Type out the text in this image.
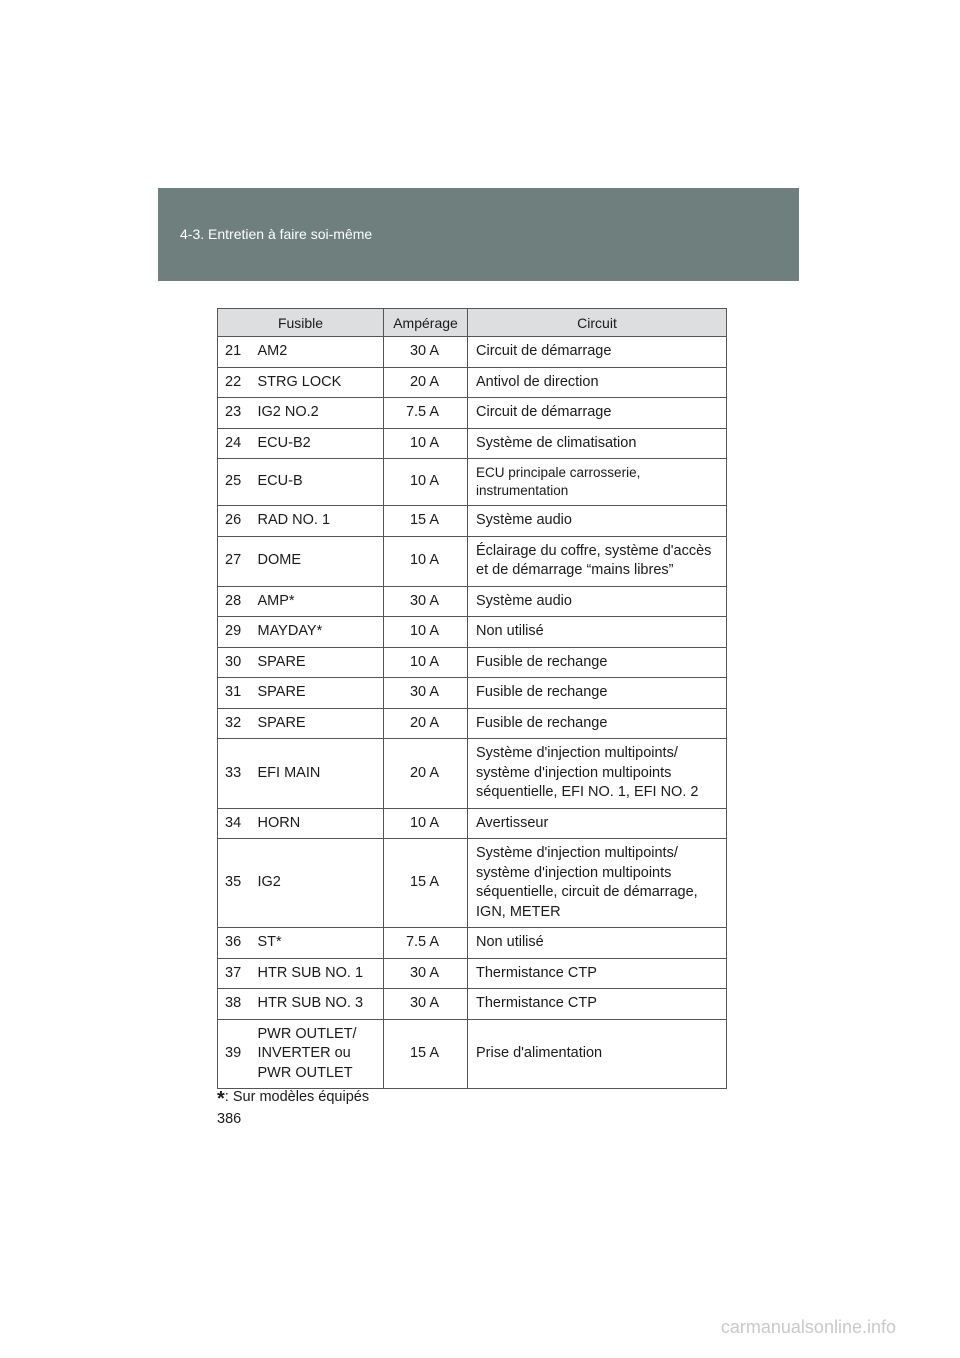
4-3. Entretien à faire soi-même
Fusible		Ampérage	Circuit
21	AM2	30 A	Circuit de démarrage
22	STRG LOCK	20 A	Antivol de direction
23	IG2 NO.2	7.5 A	Circuit de démarrage
24	ECU-B2	10 A	Système de climatisation
25	ECU-B	10 A	ECU principale carrosserie, instrumentation
26	RAD NO. 1	15 A	Système audio
27	DOME	10 A	Éclairage du coffre, système d'accès et de démarrage “mains libres”
28	AMP*	30 A	Système audio
29	MAYDAY*	10 A	Non utilisé
30	SPARE	10 A	Fusible de rechange
31	SPARE	30 A	Fusible de rechange
32	SPARE	20 A	Fusible de rechange
33	EFI MAIN	20 A	Système d'injection multipoints/ système d'injection multipoints séquentielle, EFI NO. 1, EFI NO. 2
34	HORN	10 A	Avertisseur
35	IG2	15 A	Système d'injection multipoints/ système d'injection multipoints séquentielle, circuit de démarrage, IGN, METER
36	ST*	7.5 A	Non utilisé
37	HTR SUB NO. 1	30 A	Thermistance CTP
38	HTR SUB NO. 3	30 A	Thermistance CTP
39	PWR OUTLET/ INVERTER ou PWR OUTLET	15 A	Prise d'alimentation
*: Sur modèles équipés
386
carmanualsonline.info
